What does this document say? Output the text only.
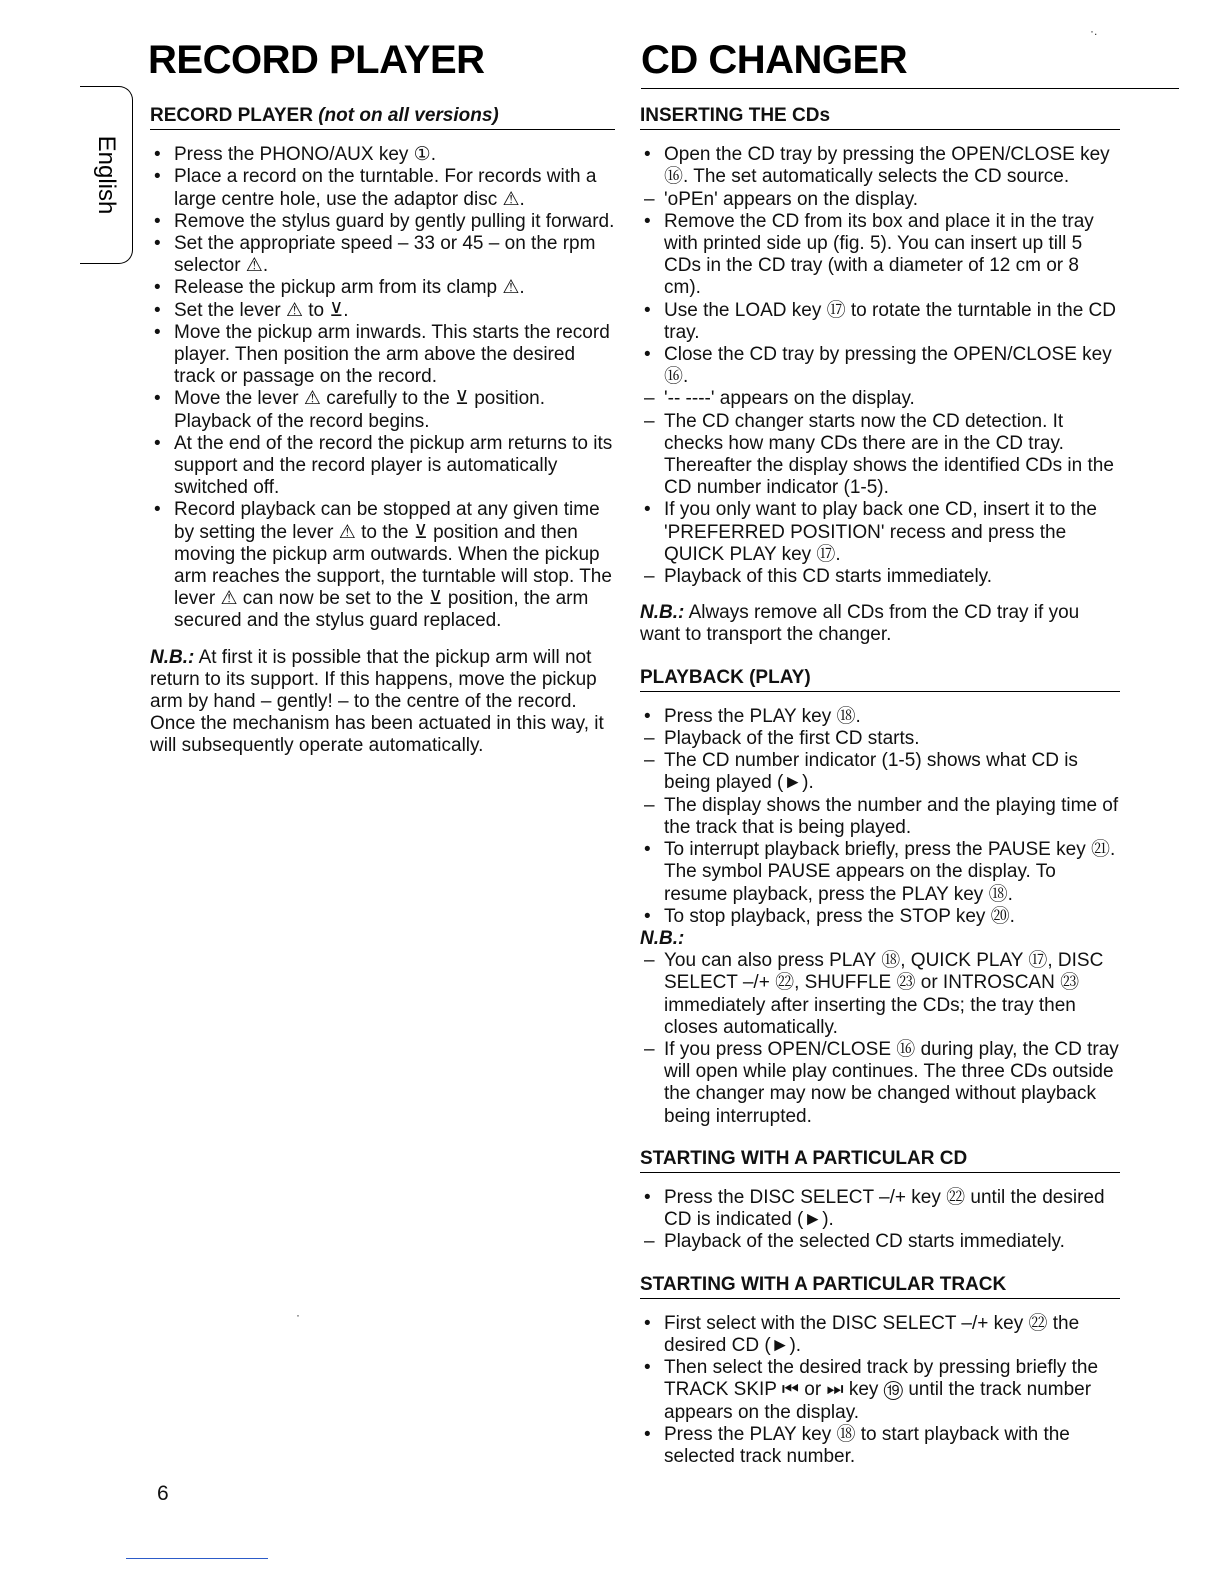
RECORD PLAYER	CD CHANGER
·.
English
RECORD PLAYER (not on all versions)
• Press the PHONO/AUX key ①.
• Place a record on the turntable. For records with a large centre hole, use the adaptor disc ⚠.
• Remove the stylus guard by gently pulling it forward.
• Set the appropriate speed – 33 or 45 – on the rpm selector ⚠.
• Release the pickup arm from its clamp ⚠.
• Set the lever ⚠ to ⊻.
• Move the pickup arm inwards. This starts the record player. Then position the arm above the desired track or passage on the record.
• Move the lever ⚠ carefully to the ⊻ position. Playback of the record begins.
• At the end of the record the pickup arm returns to its support and the record player is automatically switched off.
• Record playback can be stopped at any given time by setting the lever ⚠ to the ⊻ position and then moving the pickup arm outwards. When the pickup arm reaches the support, the turntable will stop. The lever ⚠ can now be set to the ⊻ position, the arm secured and the stylus guard replaced.
N.B.: At first it is possible that the pickup arm will not return to its support. If this happens, move the pickup arm by hand – gently! – to the centre of the record. Once the mechanism has been actuated in this way, it will subsequently operate automatically.
INSERTING THE CDs
• Open the CD tray by pressing the OPEN/CLOSE key ⑯. The set automatically selects the CD source.
– 'oPEn' appears on the display.
• Remove the CD from its box and place it in the tray with printed side up (fig. 5). You can insert up till 5 CDs in the CD tray (with a diameter of 12 cm or 8 cm).
• Use the LOAD key ⑰ to rotate the turntable in the CD tray.
• Close the CD tray by pressing the OPEN/CLOSE key ⑯.
– '-- ----' appears on the display.
– The CD changer starts now the CD detection. It checks how many CDs there are in the CD tray. Thereafter the display shows the identified CDs in the CD number indicator (1-5).
• If you only want to play back one CD, insert it to the 'PREFERRED POSITION' recess and press the QUICK PLAY key ⑰.
– Playback of this CD starts immediately.
N.B.: Always remove all CDs from the CD tray if you want to transport the changer.
PLAYBACK (PLAY)
• Press the PLAY key ⑱.
– Playback of the first CD starts.
– The CD number indicator (1-5) shows what CD is being played (►).
– The display shows the number and the playing time of the track that is being played.
• To interrupt playback briefly, press the PAUSE key ㉑. The symbol PAUSE appears on the display. To resume playback, press the PLAY key ⑱.
• To stop playback, press the STOP key ⑳.
N.B.:
– You can also press PLAY ⑱, QUICK PLAY ⑰, DISC SELECT –/+ ㉒, SHUFFLE ㉓ or INTROSCAN ㉓ immediately after inserting the CDs; the tray then closes automatically.
– If you press OPEN/CLOSE ⑯ during play, the CD tray will open while play continues. The three CDs outside the changer may now be changed without playback being interrupted.
STARTING WITH A PARTICULAR CD
• Press the DISC SELECT –/+ key ㉒ until the desired CD is indicated (►).
– Playback of the selected CD starts immediately.
STARTING WITH A PARTICULAR TRACK
• First select with the DISC SELECT –/+ key ㉒ the desired CD (►).
• Then select the desired track by pressing briefly the TRACK SKIP ⏮ or ⏭ key ⑲ until the track number appears on the display.
• Press the PLAY key ⑱ to start playback with the selected track number.
·
6
